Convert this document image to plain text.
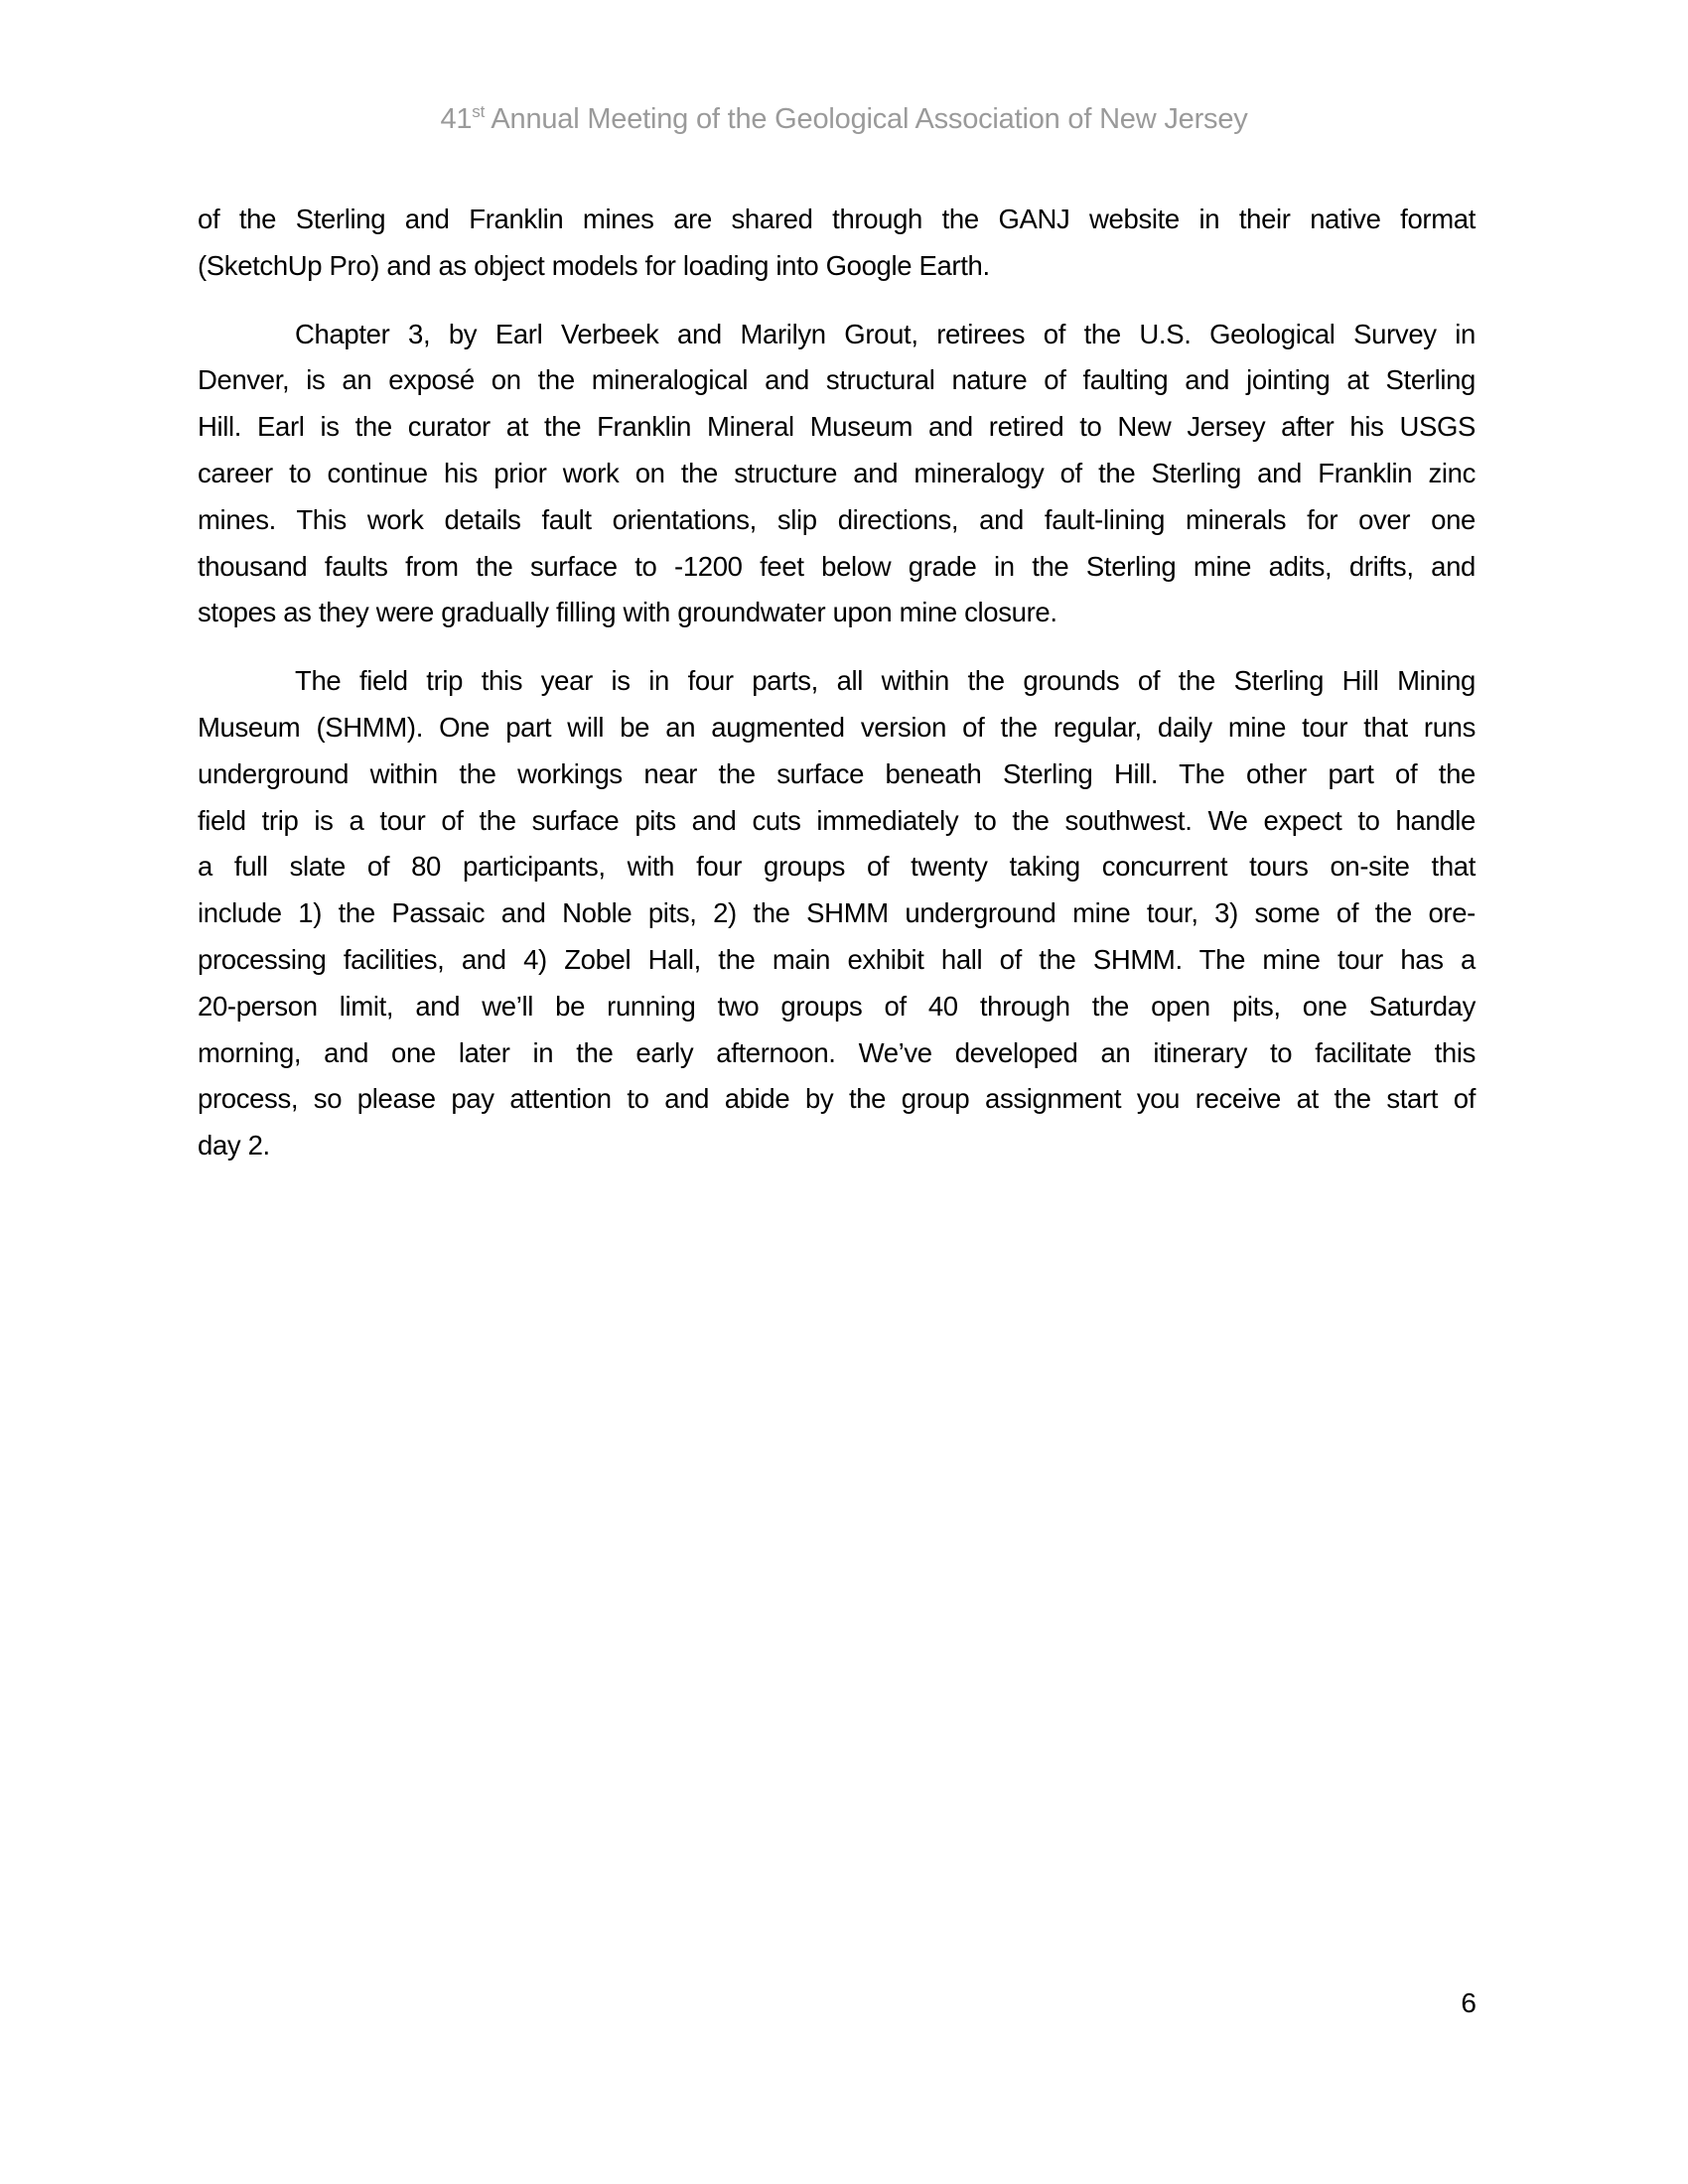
41st Annual Meeting of the Geological Association of New Jersey
of the Sterling and Franklin mines are shared through the GANJ website in their native format
(SketchUp Pro) and as object models for loading into Google Earth.
Chapter 3, by Earl Verbeek and Marilyn Grout, retirees of the U.S. Geological Survey in
Denver, is an exposé on the mineralogical and structural nature of faulting and jointing at Sterling
Hill. Earl is the curator at the Franklin Mineral Museum and retired to New Jersey after his USGS
career to continue his prior work on the structure and mineralogy of the Sterling and Franklin zinc
mines. This work details fault orientations, slip directions, and fault-lining minerals for over one
thousand faults from the surface to -1200 feet below grade in the Sterling mine adits, drifts, and
stopes as they were gradually filling with groundwater upon mine closure.
The field trip this year is in four parts, all within the grounds of the Sterling Hill Mining
Museum (SHMM). One part will be an augmented version of the regular, daily mine tour that runs
underground within the workings near the surface beneath Sterling Hill. The other part of the
field trip is a tour of the surface pits and cuts immediately to the southwest. We expect to handle
a full slate of 80 participants, with four groups of twenty taking concurrent tours on-site that
include 1) the Passaic and Noble pits, 2) the SHMM underground mine tour, 3) some of the ore-
processing facilities, and 4) Zobel Hall, the main exhibit hall of the SHMM. The mine tour has a
20-person limit, and we’ll be running two groups of 40 through the open pits, one Saturday
morning, and one later in the early afternoon. We’ve developed an itinerary to facilitate this
process, so please pay attention to and abide by the group assignment you receive at the start of
day 2.
6
